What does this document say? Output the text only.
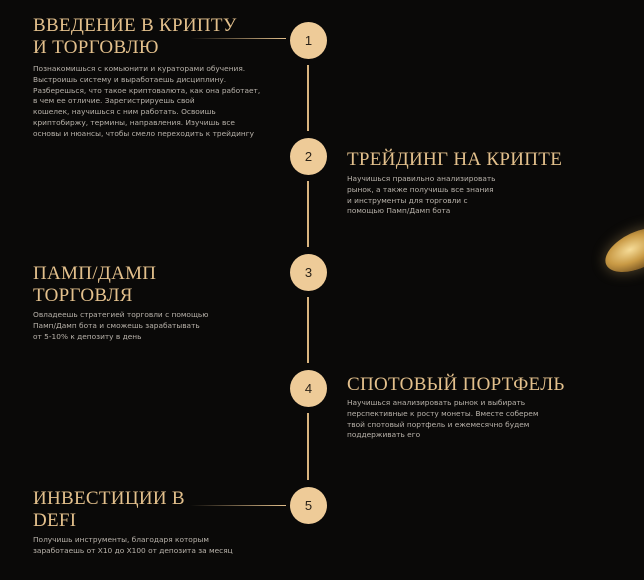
1
2
3
4
5
ВВЕДЕНИЕ В КРИПТУ
И ТОРГОВЛЮ

Познакомишься с комьюнити и кураторами обучения.
Выстроишь систему и выработаешь дисциплину.
Разберешься, что такое криптовалюта, как она работает,
в чем ее отличие. Зарегистрируешь свой
кошелек, научишься с ним работать. Освоишь
криптобиржу, термины, направления. Изучишь все
основы и нюансы, чтобы смело переходить к трейдингу

ТРЕЙДИНГ НА КРИПТЕ

Научишься правильно анализировать
рынок, а также получишь все знания
и инструменты для торговли с
помощью Памп/Дамп бота

ПАМП/ДАМП
ТОРГОВЛЯ

Овладеешь стратегией торговли с помощью
Памп/Дамп бота и сможешь зарабатывать
от 5-10% к депозиту в день

СПОТОВЫЙ ПОРТФЕЛЬ

Научишься анализировать рынок и выбирать
перспективные к росту монеты. Вместе соберем
твой спотовый портфель и ежемесячно будем
поддерживать его

ИНВЕСТИЦИИ В
DEFI

Получишь инструменты, благодаря которым
заработаешь от Х10 до Х100 от депозита за месяц
